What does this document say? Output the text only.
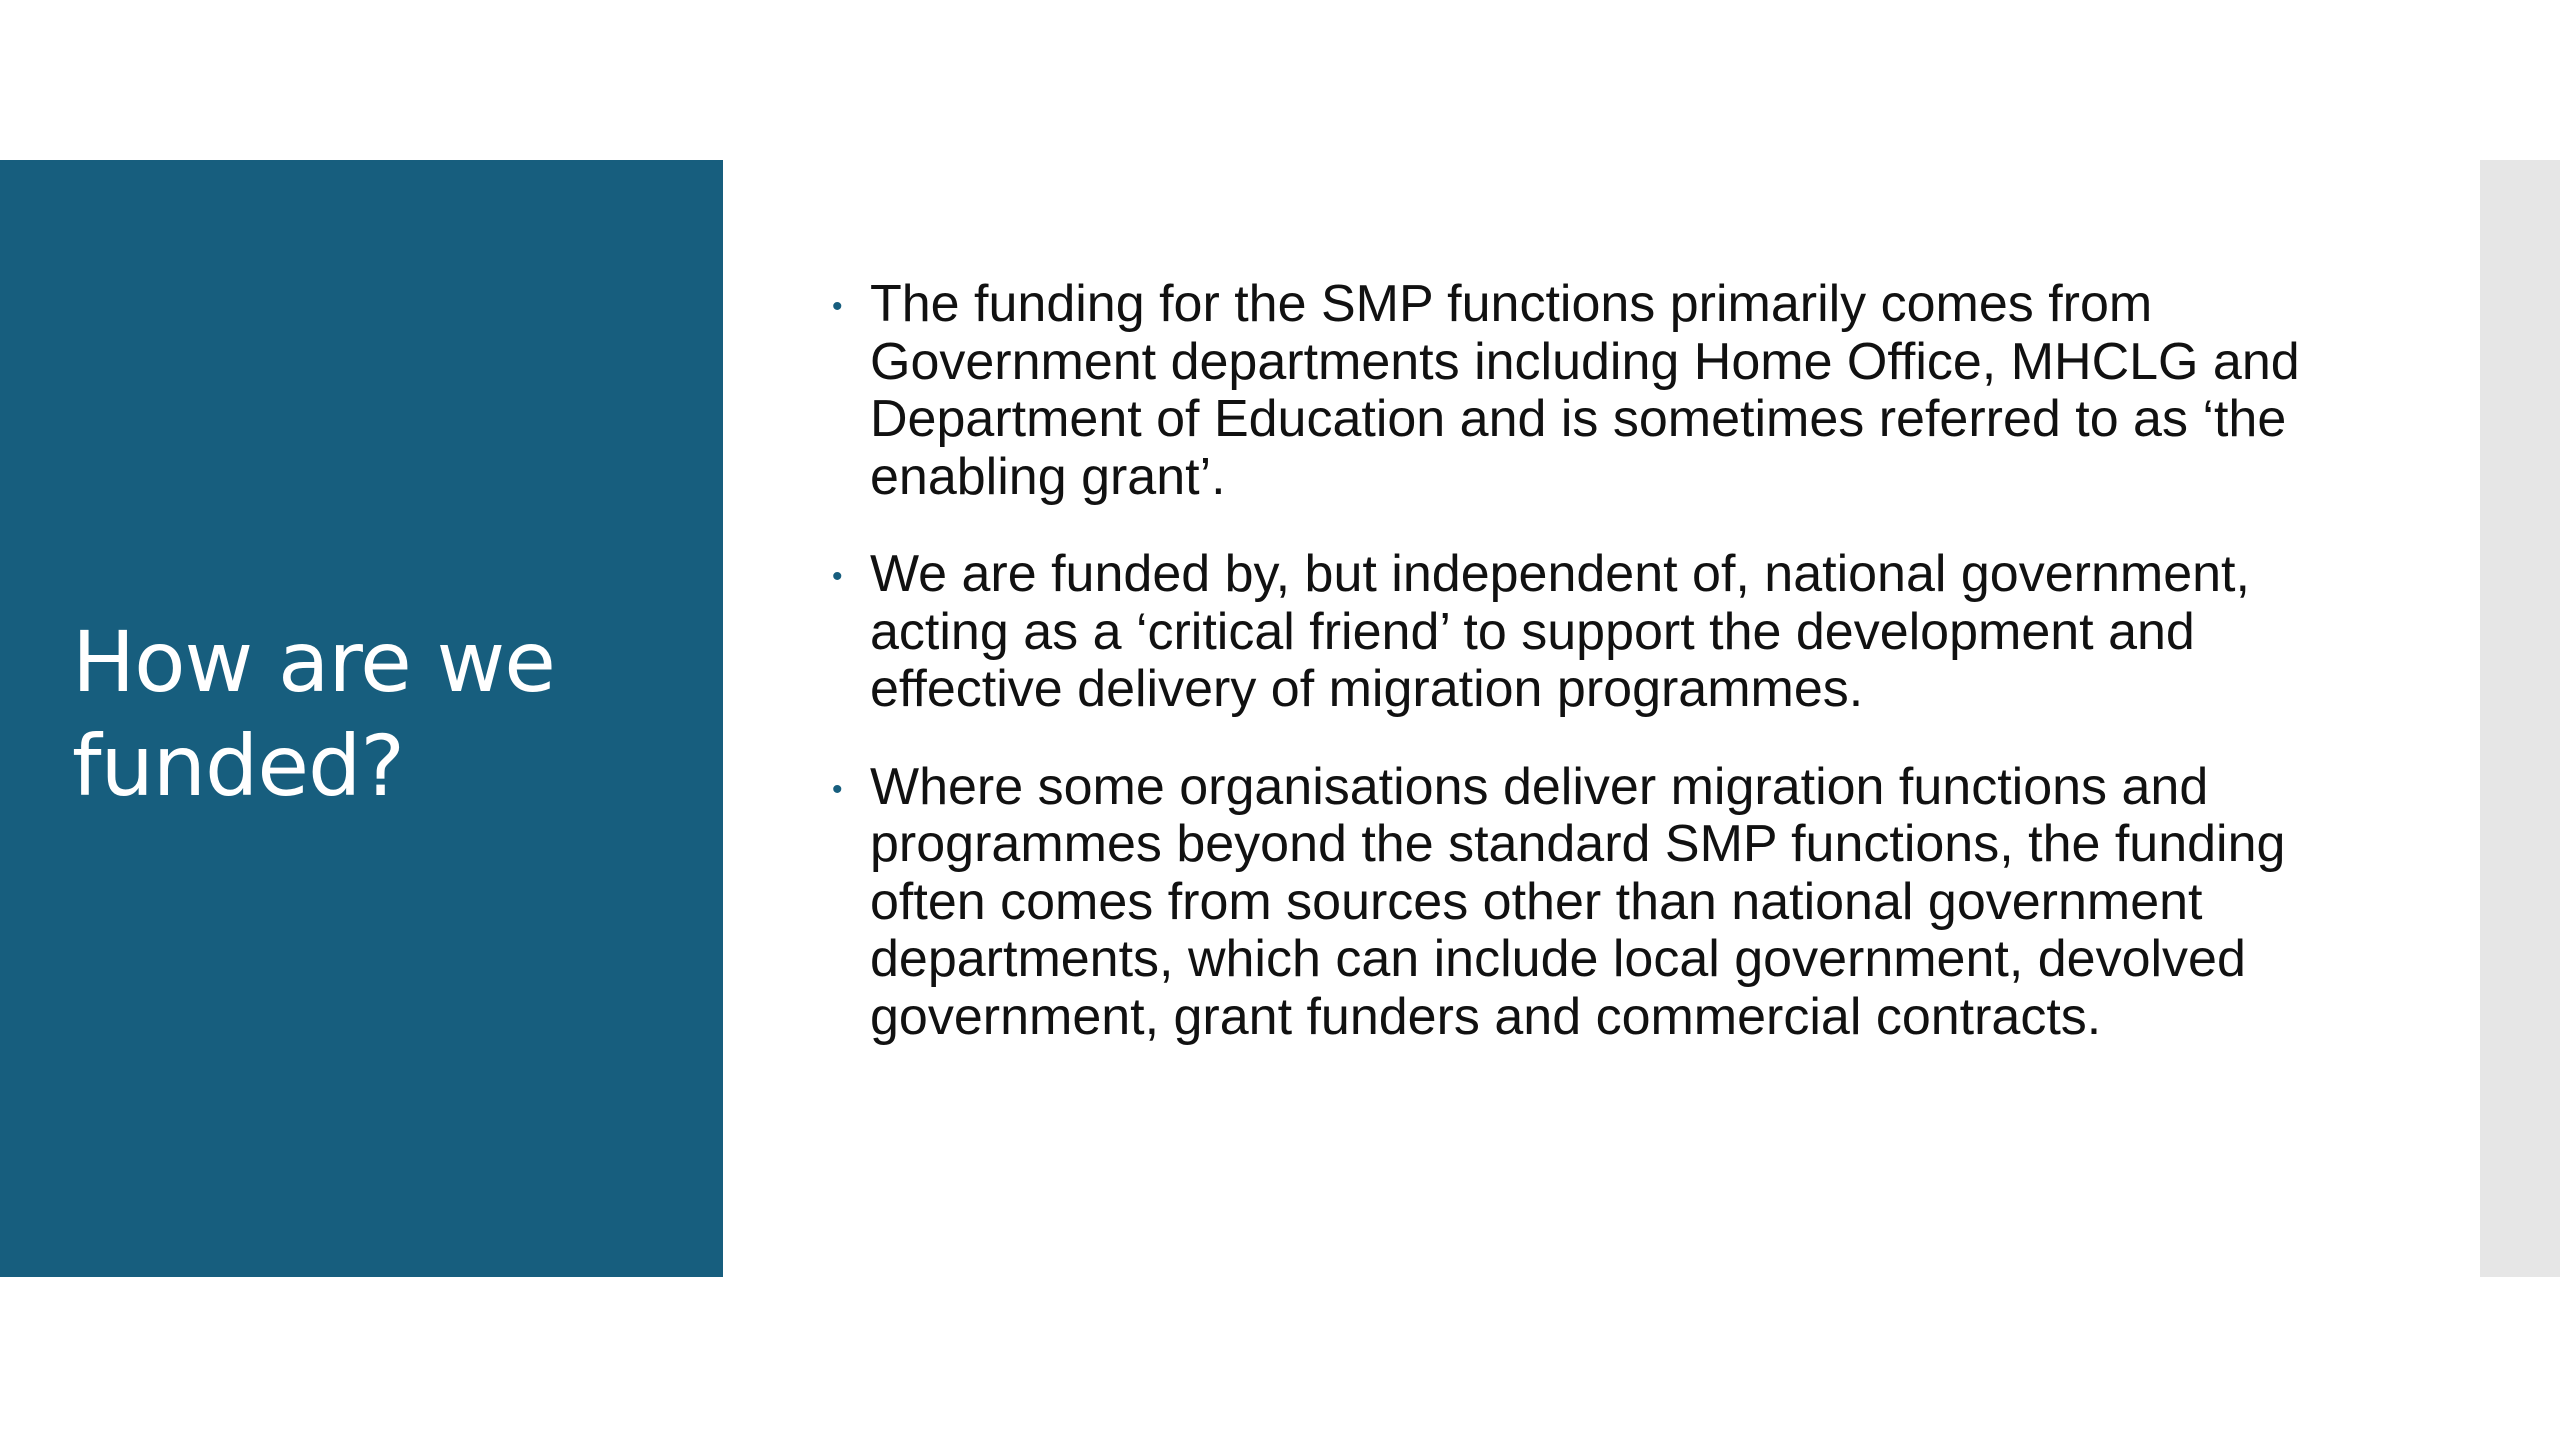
How are we funded?
• The funding for the SMP functions primarily comes from Government departments including Home Office, MHCLG and Department of Education and is sometimes referred to as ‘the enabling grant’.
• We are funded by, but independent of, national government, acting as a ‘critical friend’ to support the development and effective delivery of migration programmes.
• Where some organisations deliver migration functions and programmes beyond the standard SMP functions, the funding often comes from sources other than national government departments, which can include local government, devolved government, grant funders and commercial contracts.
